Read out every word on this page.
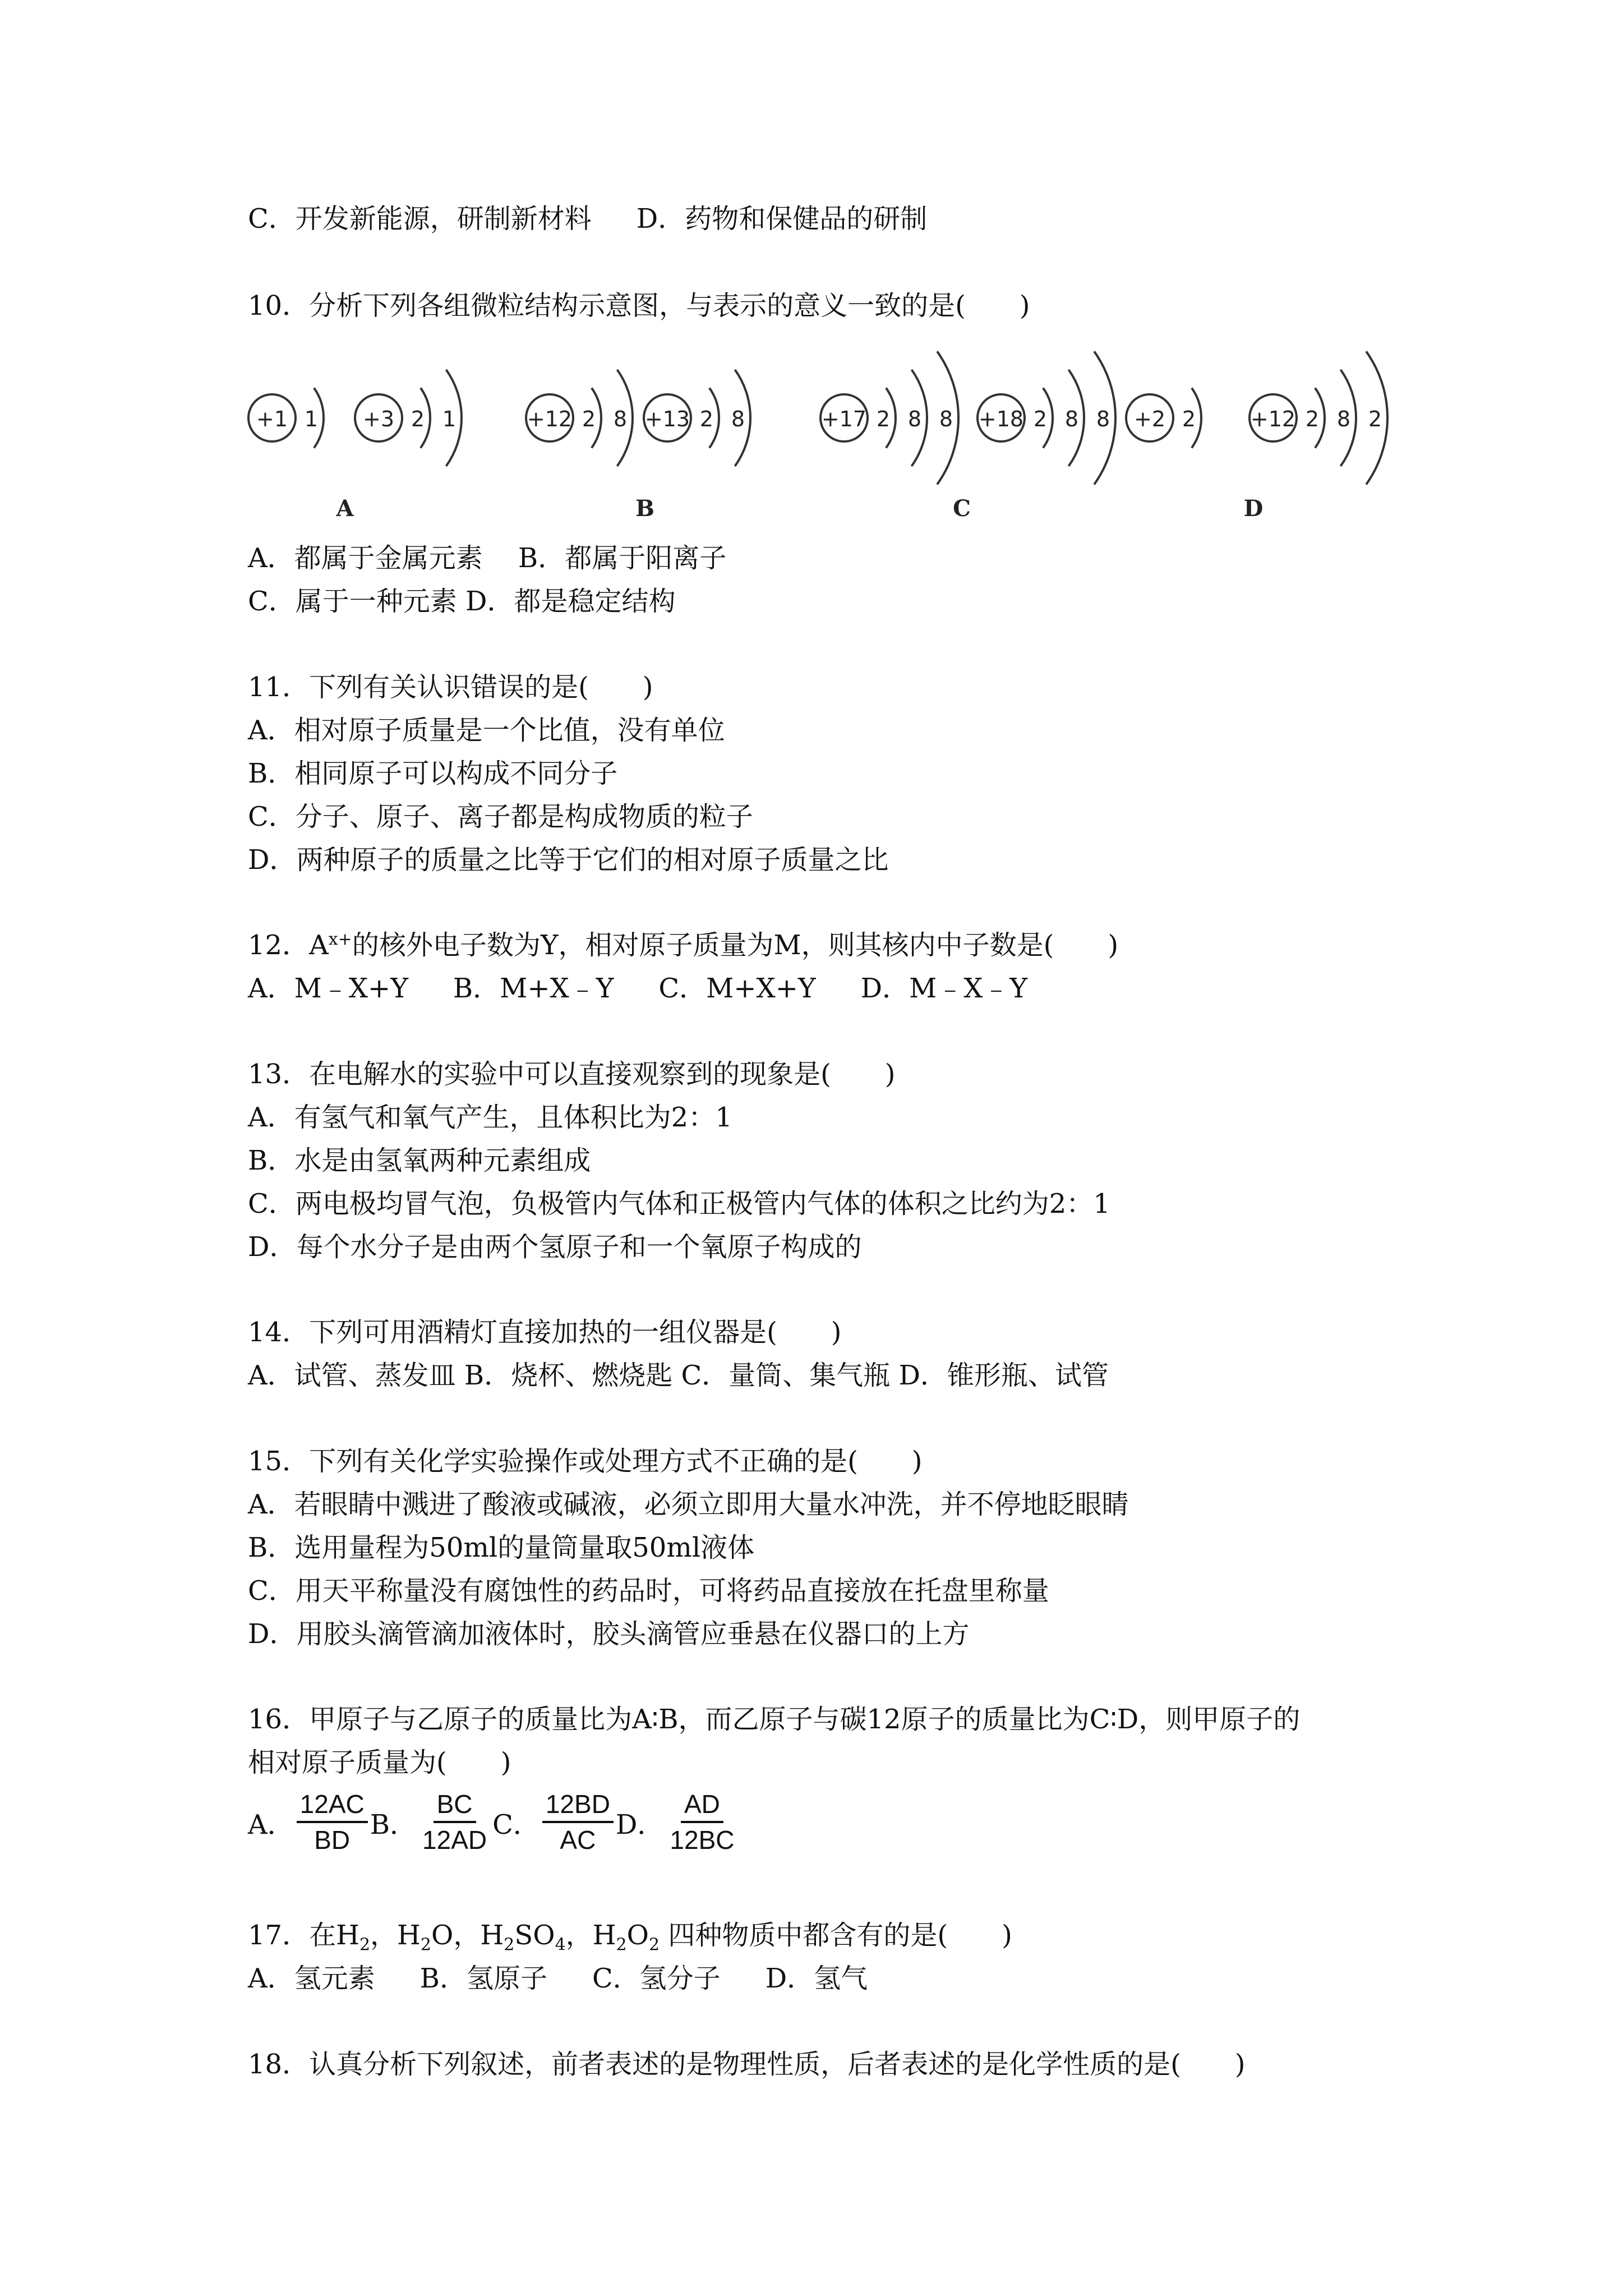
C．开发新能源，研制新材料 D．药物和保健品的研制
10．分析下列各组微粒结构示意图，与表示的意义一致的是(　　)
+1 1 +3 2 1
A
+12 2 8 +13 2 8
B
+17 2 8 8 +18 2 8 8
C
+2 2	+12 2 8 2
D
A．都属于金属元素　 B．都属于阳离子
C．属于一种元素 D．都是稳定结构
11．下列有关认识错误的是(　　)
A．相对原子质量是一个比值，没有单位
B．相同原子可以构成不同分子
C．分子、原子、离子都是构成物质的粒子
D．两种原子的质量之比等于它们的相对原子质量之比
12．$A^{x+}$的核外电子数为Y，相对原子质量为M，则其核内中子数是(　　)
A．M﹣X+Y B．M+X﹣Y C．M+X+Y D．M﹣X﹣Y
13．在电解水的实验中可以直接观察到的现象是(　　)
A．有氢气和氧气产生，且体积比为2：1
B．水是由氢氧两种元素组成
C．两电极均冒气泡，负极管内气体和正极管内气体的体积之比约为2：1
D．每个水分子是由两个氢原子和一个氧原子构成的
14．下列可用酒精灯直接加热的一组仪器是(　　)
A．试管、蒸发皿 B．烧杯、燃烧匙 C．量筒、集气瓶 D．锥形瓶、试管
15．下列有关化学实验操作或处理方式不正确的是(　　)
A．若眼睛中溅进了酸液或碱液，必须立即用大量水冲洗，并不停地眨眼睛
B．选用量程为50ml的量筒量取50ml液体
C．用天平称量没有腐蚀性的药品时，可将药品直接放在托盘里称量
D．用胶头滴管滴加液体时，胶头滴管应垂悬在仪器口的上方
16．甲原子与乙原子的质量比为A∶B，而乙原子与碳12原子的质量比为C∶D，则甲原子的
相对原子质量为(　　)
A． $\frac{12AC}{BD}$ B． $\frac{BC}{12AD}$ C． $\frac{12BD}{AC}$ D． $\frac{AD}{12BC}$
17．在$H_2$，$H_2O$，$H_2SO_4$，$H_2O_2$ 四种物质中都含有的是(　　)
A．氢元素 B．氢原子 C．氢分子 D．氢气
18．认真分析下列叙述，前者表述的是物理性质，后者表述的是化学性质的是(　　)
